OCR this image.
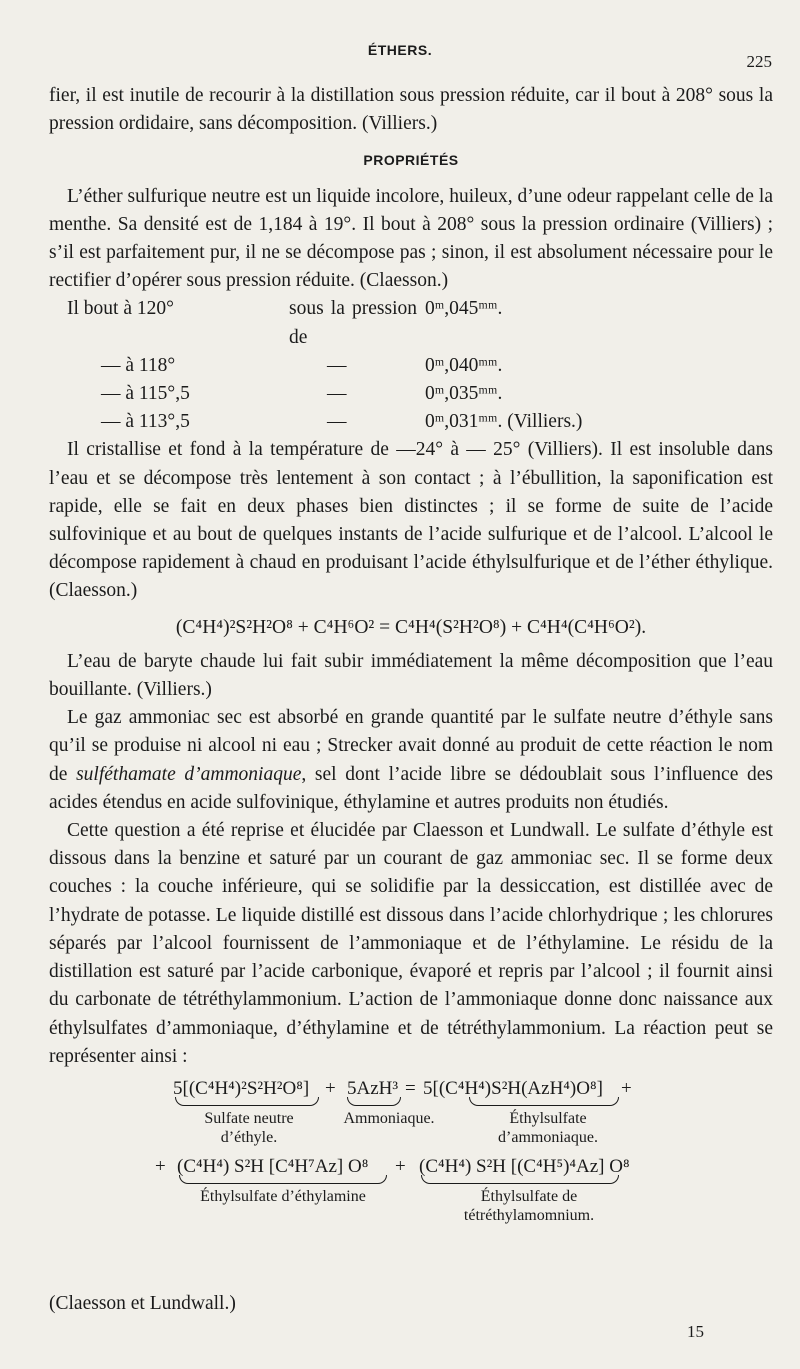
ÉTHERS.
225

fier, il est inutile de recourir à la distillation sous pression réduite, car il bout à 208° sous la pression ordidaire, sans décomposition. (Villiers.)

PROPRIÉTÉS

L’éther sulfurique neutre est un liquide incolore, huileux, d’une odeur rappelant celle de la menthe. Sa densité est de 1,184 à 19°. Il bout à 208° sous la pression ordinaire (Villiers) ; s’il est parfaitement pur, il ne se décompose pas ; sinon, il est absolument nécessaire pour le rectifier d’opérer sous pression réduite. (Claesson.)

Il bout à 120°	sous la pression de	0ᵐ,045ᵐᵐ.
— à 118°	—	0ᵐ,040ᵐᵐ.
— à 115°,5	—	0ᵐ,035ᵐᵐ.
— à 113°,5	—	0ᵐ,031ᵐᵐ. (Villiers.)

Il cristallise et fond à la température de —24° à — 25° (Villiers). Il est insoluble dans l’eau et se décompose très lentement à son contact ; à l’ébullition, la saponification est rapide, elle se fait en deux phases bien distinctes ; il se forme de suite de l’acide sulfovinique et au bout de quelques instants de l’acide sulfurique et de l’alcool. L’alcool le décompose rapidement à chaud en produisant l’acide éthylsulfurique et de l’éther éthylique. (Claesson.)

(C⁴H⁴)²S²H²O⁸ + C⁴H⁶O² = C⁴H⁴(S²H²O⁸) + C⁴H⁴(C⁴H⁶O²).

L’eau de baryte chaude lui fait subir immédiatement la même décomposition que l’eau bouillante. (Villiers.)

Le gaz ammoniac sec est absorbé en grande quantité par le sulfate neutre d’éthyle sans qu’il se produise ni alcool ni eau ; Strecker avait donné au produit de cette réaction le nom de sulféthamate d’ammoniaque, sel dont l’acide libre se dédoublait sous l’influence des acides étendus en acide sulfovinique, éthylamine et autres produits non étudiés.

Cette question a été reprise et élucidée par Claesson et Lundwall. Le sulfate d’éthyle est dissous dans la benzine et saturé par un courant de gaz ammoniac sec. Il se forme deux couches : la couche inférieure, qui se solidifie par la dessiccation, est distillée avec de l’hydrate de potasse. Le liquide distillé est dissous dans l’acide chlorhydrique ; les chlorures séparés par l’alcool fournissent de l’ammoniaque et de l’éthylamine. Le résidu de la distillation est saturé par l’acide carbonique, évaporé et repris par l’alcool ; il fournit ainsi du carbonate de tétréthylammonium. L’action de l’ammoniaque donne donc naissance aux éthylsulfates d’ammoniaque, d’éthylamine et de tétréthylammonium. La réaction peut se représenter ainsi :

5[(C⁴H⁴)²S²H²O⁸] + 5AzH³ = 5[(C⁴H⁴)S²H(AzH⁴)O⁸] +
Sulfate neutre d’éthyle.
Ammoniaque.	Éthylsulfate d’ammoniaque.
+ (C⁴H⁴) S²H [C⁴H⁷Az] O⁸ + (C⁴H⁴) S²H [(C⁴H⁵)⁴Az] O⁸
Éthylsulfate d’éthylamine	Éthylsulfate de tétréthylamomnium.
(Claesson et Lundwall.)
15
